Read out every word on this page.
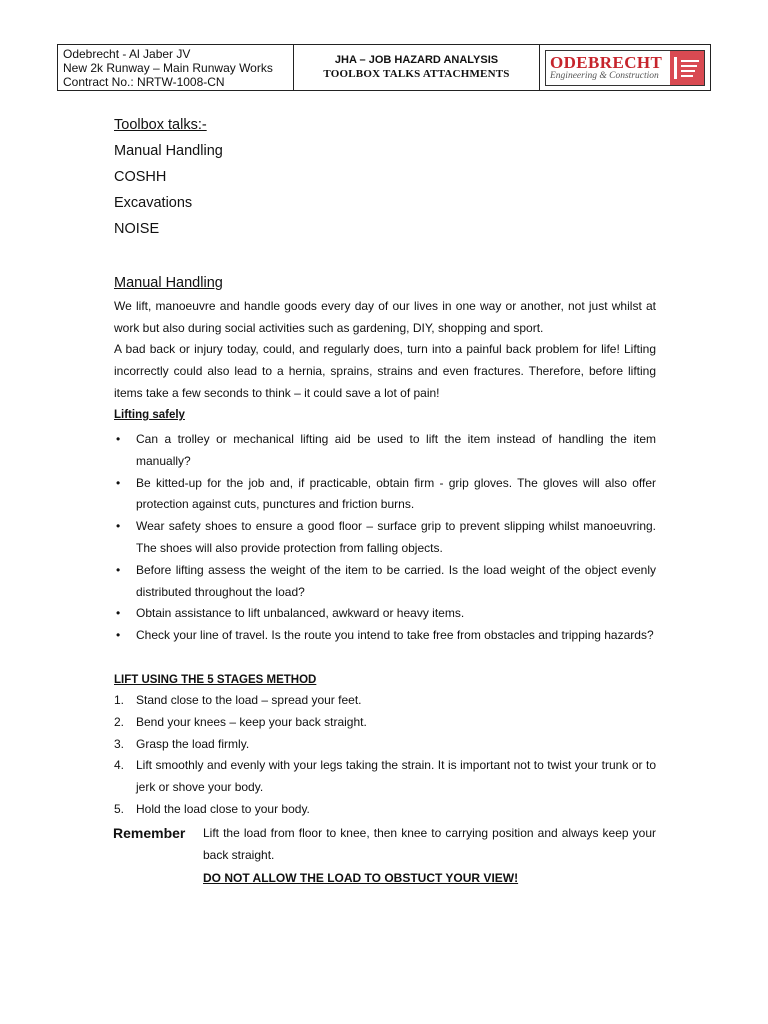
Odebrecht - Al Jaber JV
New 2k Runway – Main Runway Works
Contract No.: NRTW-1008-CN
JHA – JOB HAZARD ANALYSIS
TOOLBOX TALKS ATTACHMENTS
ODEBRECHT
Engineering & Construction
Toolbox talks:-
Manual Handling
COSHH
Excavations
NOISE
Manual Handling
We lift, manoeuvre and handle goods every day of our lives in one way or another, not just whilst at work but also during social activities such as gardening, DIY, shopping and sport.
A bad back or injury today, could, and regularly does, turn into a painful back problem for life! Lifting incorrectly could also lead to a hernia, sprains, strains and even fractures. Therefore, before lifting items take a few seconds to think – it could save a lot of pain!
Lifting safely
• Can a trolley or mechanical lifting aid be used to lift the item instead of handling the item manually?
• Be kitted-up for the job and, if practicable, obtain firm - grip gloves. The gloves will also offer protection against cuts, punctures and friction burns.
• Wear safety shoes to ensure a good floor – surface grip to prevent slipping whilst manoeuvring. The shoes will also provide protection from falling objects.
• Before lifting assess the weight of the item to be carried. Is the load weight of the object evenly distributed throughout the load?
• Obtain assistance to lift unbalanced, awkward or heavy items.
• Check your line of travel. Is the route you intend to take free from obstacles and tripping hazards?
LIFT USING THE 5 STAGES METHOD
1. Stand close to the load – spread your feet.
2. Bend your knees – keep your back straight.
3. Grasp the load firmly.
4. Lift smoothly and evenly with your legs taking the strain. It is important not to twist your trunk or to jerk or shove your body.
5. Hold the load close to your body.
Remember Lift the load from floor to knee, then knee to carrying position and always keep your back straight.
DO NOT ALLOW THE LOAD TO OBSTUCT YOUR VIEW!
